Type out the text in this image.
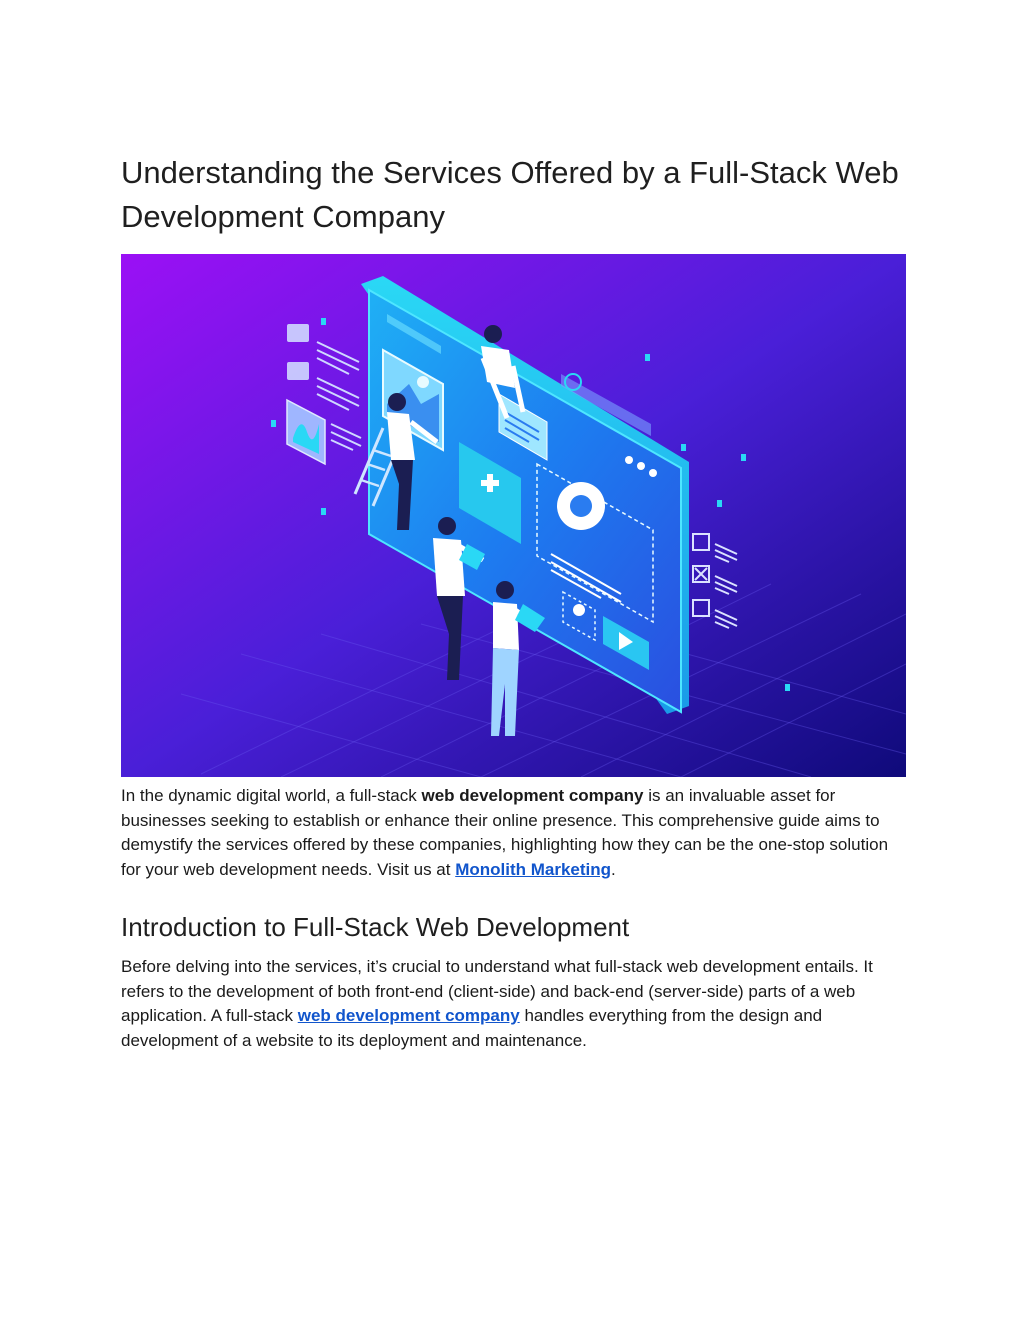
Understanding the Services Offered by a Full-Stack Web Development Company

In the dynamic digital world, a full-stack web development company is an invaluable asset for businesses seeking to establish or enhance their online presence. This comprehensive guide aims to demystify the services offered by these companies, highlighting how they can be the one-stop solution for your web development needs. Visit us at Monolith Marketing.

Introduction to Full-Stack Web Development

Before delving into the services, it’s crucial to understand what full-stack web development entails. It refers to the development of both front-end (client-side) and back-end (server-side) parts of a web application. A full-stack web development company handles everything from the design and development of a website to its deployment and maintenance.
